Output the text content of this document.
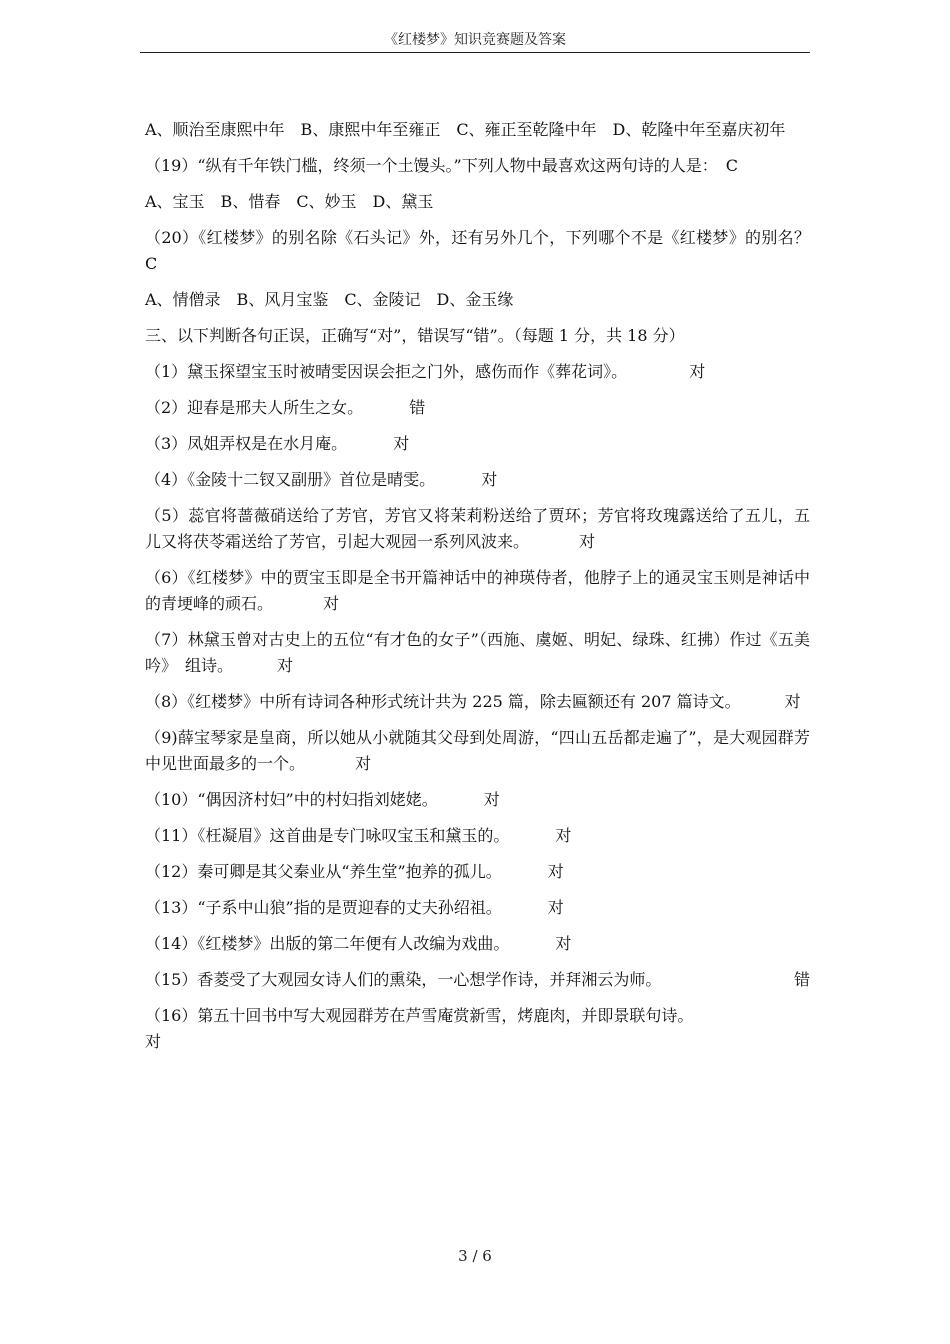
《红楼梦》知识竞赛题及答案

A、顺治至康熙中年　B、康熙中年至雍正　C、雍正至乾隆中年　D、乾隆中年至嘉庆初年

（19）“纵有千年铁门槛，终须一个土馒头。”下列人物中最喜欢这两句诗的人是：　C

A、宝玉　B、惜春　C、妙玉　D、黛玉

（20）《红楼梦》的别名除《石头记》外，还有另外几个，下列哪个不是《红楼梦》的别名？ C

A、情僧录　B、风月宝鉴　C、金陵记　D、金玉缘

三、以下判断各句正误，正确写“对”，错误写“错”。（每题 1 分，共 18 分）

（1）黛玉探望宝玉时被晴雯因误会拒之门外，感伤而作《葬花词》。	对

（2）迎春是邢夫人所生之女。	错

（3）凤姐弄权是在水月庵。	对

（4）《金陵十二钗又副册》首位是晴雯。	对

（5）蕊官将蔷薇硝送给了芳官，芳官又将茉莉粉送给了贾环；芳官将玫瑰露送给了五儿，五儿又将茯苓霜送给了芳官，引起大观园一系列风波来。	对

（6）《红楼梦》中的贾宝玉即是全书开篇神话中的神瑛侍者，他脖子上的通灵宝玉则是神话中的青埂峰的顽石。	对

（7）林黛玉曾对古史上的五位“有才色的女子”（西施、虞姬、明妃、绿珠、红拂）作过《五美吟》　组诗。	对

（8）《红楼梦》中所有诗词各种形式统计共为 225 篇，除去匾额还有 207 篇诗文。	对

（9)薛宝琴家是皇商，所以她从小就随其父母到处周游，“四山五岳都走遍了”，是大观园群芳中见世面最多的一个。	对

（10）“偶因济村妇”中的村妇指刘姥姥。	对

（11）《枉凝眉》这首曲是专门咏叹宝玉和黛玉的。	对

（12）秦可卿是其父秦业从“养生堂”抱养的孤儿。	对

（13）“子系中山狼”指的是贾迎春的丈夫孙绍祖。	对

（14）《红楼梦》出版的第二年便有人改编为戏曲。	对

（15）香菱受了大观园女诗人们的熏染，一心想学作诗，并拜湘云为师。	错

（16）第五十回书中写大观园群芳在芦雪庵赏新雪，烤鹿肉，并即景联句诗。
对

3 / 6
